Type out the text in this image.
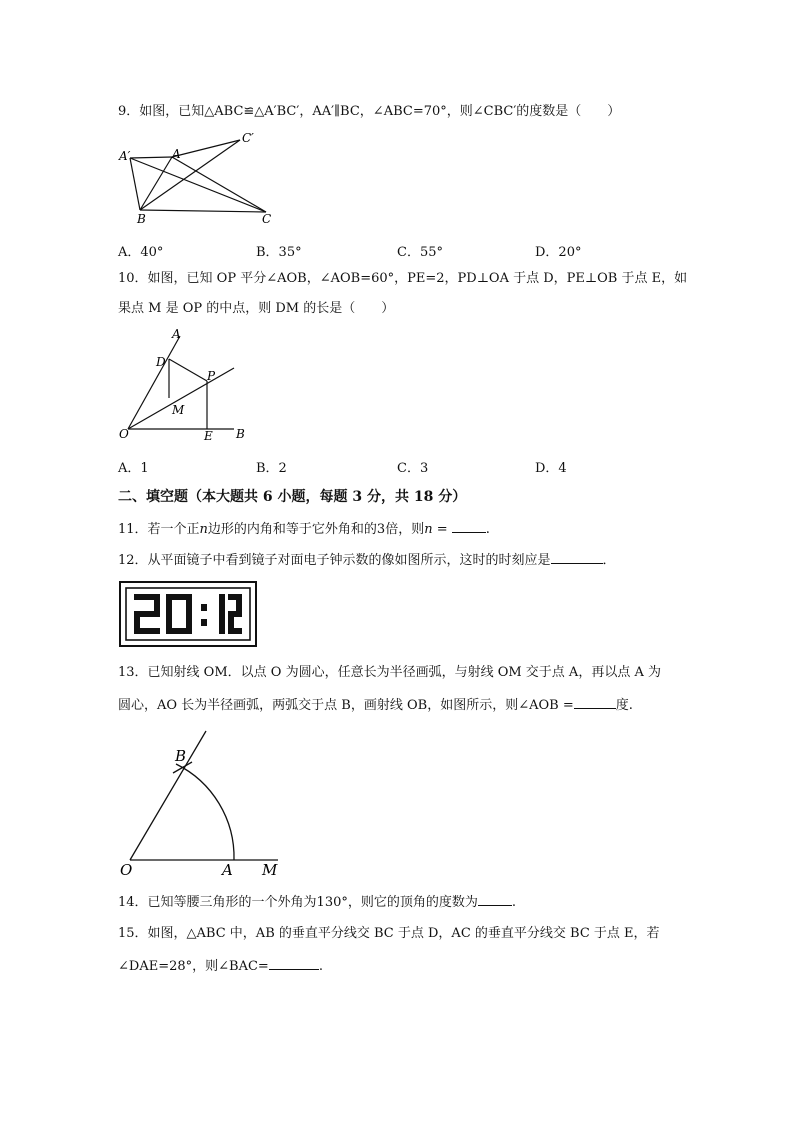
9．如图，已知△ABC≌△A′BC′，AA′∥BC，∠ABC=70°，则∠CBC′的度数是（　　）
A′	A
C′
B	C
A．40°	B．35°	C．55°	D．20°
10．如图，已知 OP 平分∠AOB，∠AOB=60°，PE=2，PD⊥OA 于点 D，PE⊥OB 于点 E，如
果点 M 是 OP 的中点，则 DM 的长是（　　）
A
D
P
M
O	E B
A．1	B．2	C．3	D．4
二、填空题（本大题共 6 小题，每题 3 分，共 18 分）
11．若一个正n边形的内角和等于它外角和的3倍，则n =	.
12．从平面镜子中看到镜子对面电子钟示数的像如图所示，这时的时刻应是	．
13．已知射线 OM．以点 O 为圆心，任意长为半径画弧，与射线 OM 交于点 A，再以点 A 为
圆心，AO 长为半径画弧，两弧交于点 B，画射线 OB，如图所示，则∠AOB =	度.
B
O	A M
14．已知等腰三角形的一个外角为130°，则它的顶角的度数为	.
15．如图，△ABC 中，AB 的垂直平分线交 BC 于点 D，AC 的垂直平分线交 BC 于点 E，若
∠DAE=28°，则∠BAC=	.
